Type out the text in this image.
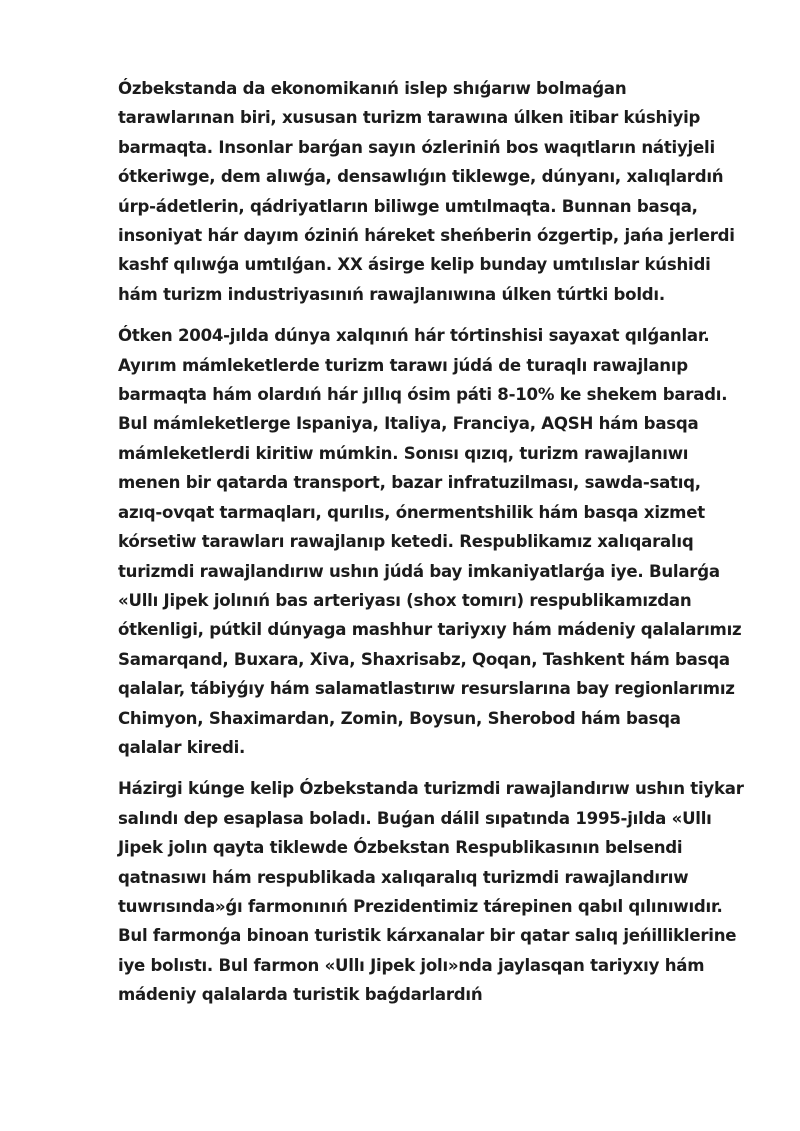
Ózbekstanda da ekonomikanıń islep shıǵarıw bolmaǵan tarawlarınan biri, xususan turizm tarawına úlken itibar kúshiyip barmaqta. Insonlar barǵan sayın ózleriniń bos waqıtların nátiyjeli ótkeriwge, dem alıwǵa, densawlıǵın tiklewge, dúnyanı, xalıqlardıń úrp-ádetlerin, qádriyatların biliwge umtılmaqta. Bunnan basqa, insoniyat hár dayım óziniń háreket sheńberin ózgertip, jańa jerlerdi kashf qılıwǵa umtılǵan. XX ásirge kelip bunday umtılıslar kúshidi hám turizm industriyasınıń rawajlanıwına úlken túrtki boldı.

Ótken 2004-jılda dúnya xalqınıń hár tórtinshisi sayaxat qılǵanlar. Ayırım mámleketlerde turizm tarawı júdá de turaqlı rawajlanıp barmaqta hám olardıń hár jıllıq ósim páti 8-10% ke shekem baradı. Bul mámleketlerge Ispaniya, Italiya, Franciya, AQSH hám basqa mámleketlerdi kiritiw múmkin. Sonısı qızıq, turizm rawajlanıwı menen bir qatarda transport, bazar infratuzilması, sawda-satıq, azıq-ovqat tarmaqları, qurılıs, ónermentshilik hám basqa xizmet kórsetiw tarawları rawajlanıp ketedi. Respublikamız xalıqaralıq turizmdi rawajlandırıw ushın júdá bay imkaniyatlarǵa iye. Bularǵa «Ullı Jipek jolınıń bas arteriyası (shox tomırı) respublikamızdan ótkenligi, pútkil dúnyaga mashhur tariyxıy hám mádeniy qalalarımız Samarqand, Buxara, Xiva, Shaxrisabz, Qoqan, Tashkent hám basqa qalalar, tábiyǵıy hám salamatlastırıw resurslarına bay regionlarımız Chimyon, Shaximardan, Zomin, Boysun, Sherobod hám basqa qalalar kiredi.

Házirgi kúnge kelip Ózbekstanda turizmdi rawajlandırıw ushın tiykar salındı dep esaplasa boladı. Buǵan dálil sıpatında 1995-jılda «Ullı Jipek jolın qayta tiklewde Ózbekstan Respublikasının belsendi qatnasıwı hám respublikada xalıqaralıq turizmdi rawajlandırıw tuwrısında»ǵı farmonınıń Prezidentimiz tárepinen qabıl qılınıwıdır. Bul farmonǵa binoan turistik kárxanalar bir qatar salıq jeńilliklerine iye bolıstı. Bul farmon «Ullı Jipek jolı»nda jaylasqan tariyxıy hám mádeniy qalalarda turistik baǵdarlardıń
